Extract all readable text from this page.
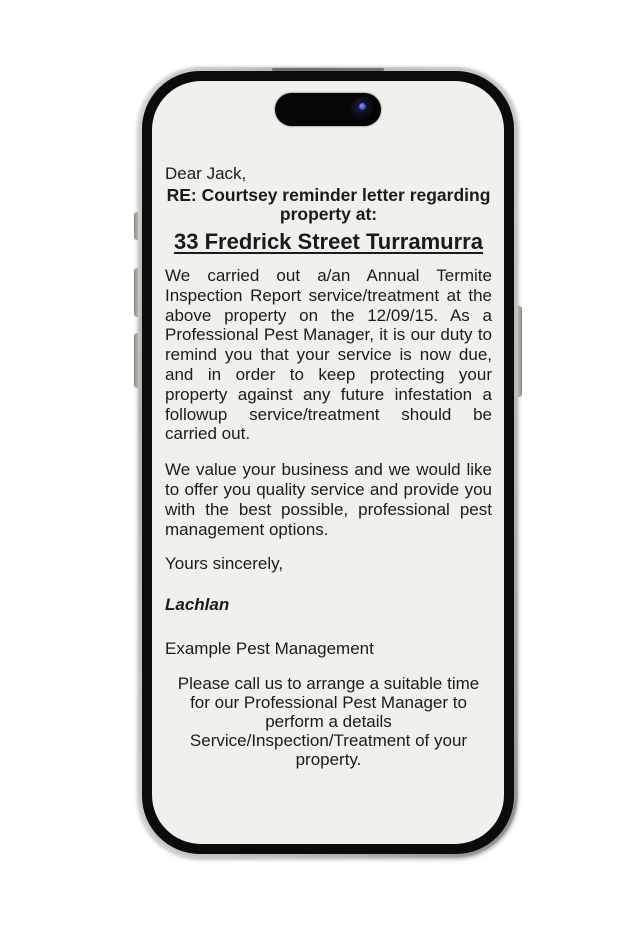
Dear Jack,

RE: Courtsey reminder letter regarding property at:

33 Fredrick Street Turramurra

We carried out a/an Annual Termite Inspection Report service/treatment at the above property on the 12/09/15. As a Professional Pest Manager, it is our duty to remind you that your service is now due, and in order to keep protecting your property against any future infestation a followup service/treatment should be carried out.

We value your business and we would like to offer you quality service and provide you with the best possible, professional pest management options.

Yours sincerely,

Lachlan

Example Pest Management

Please call us to arrange a suitable time for our Professional Pest Manager to perform a details Service/Inspection/Treatment of your property.
